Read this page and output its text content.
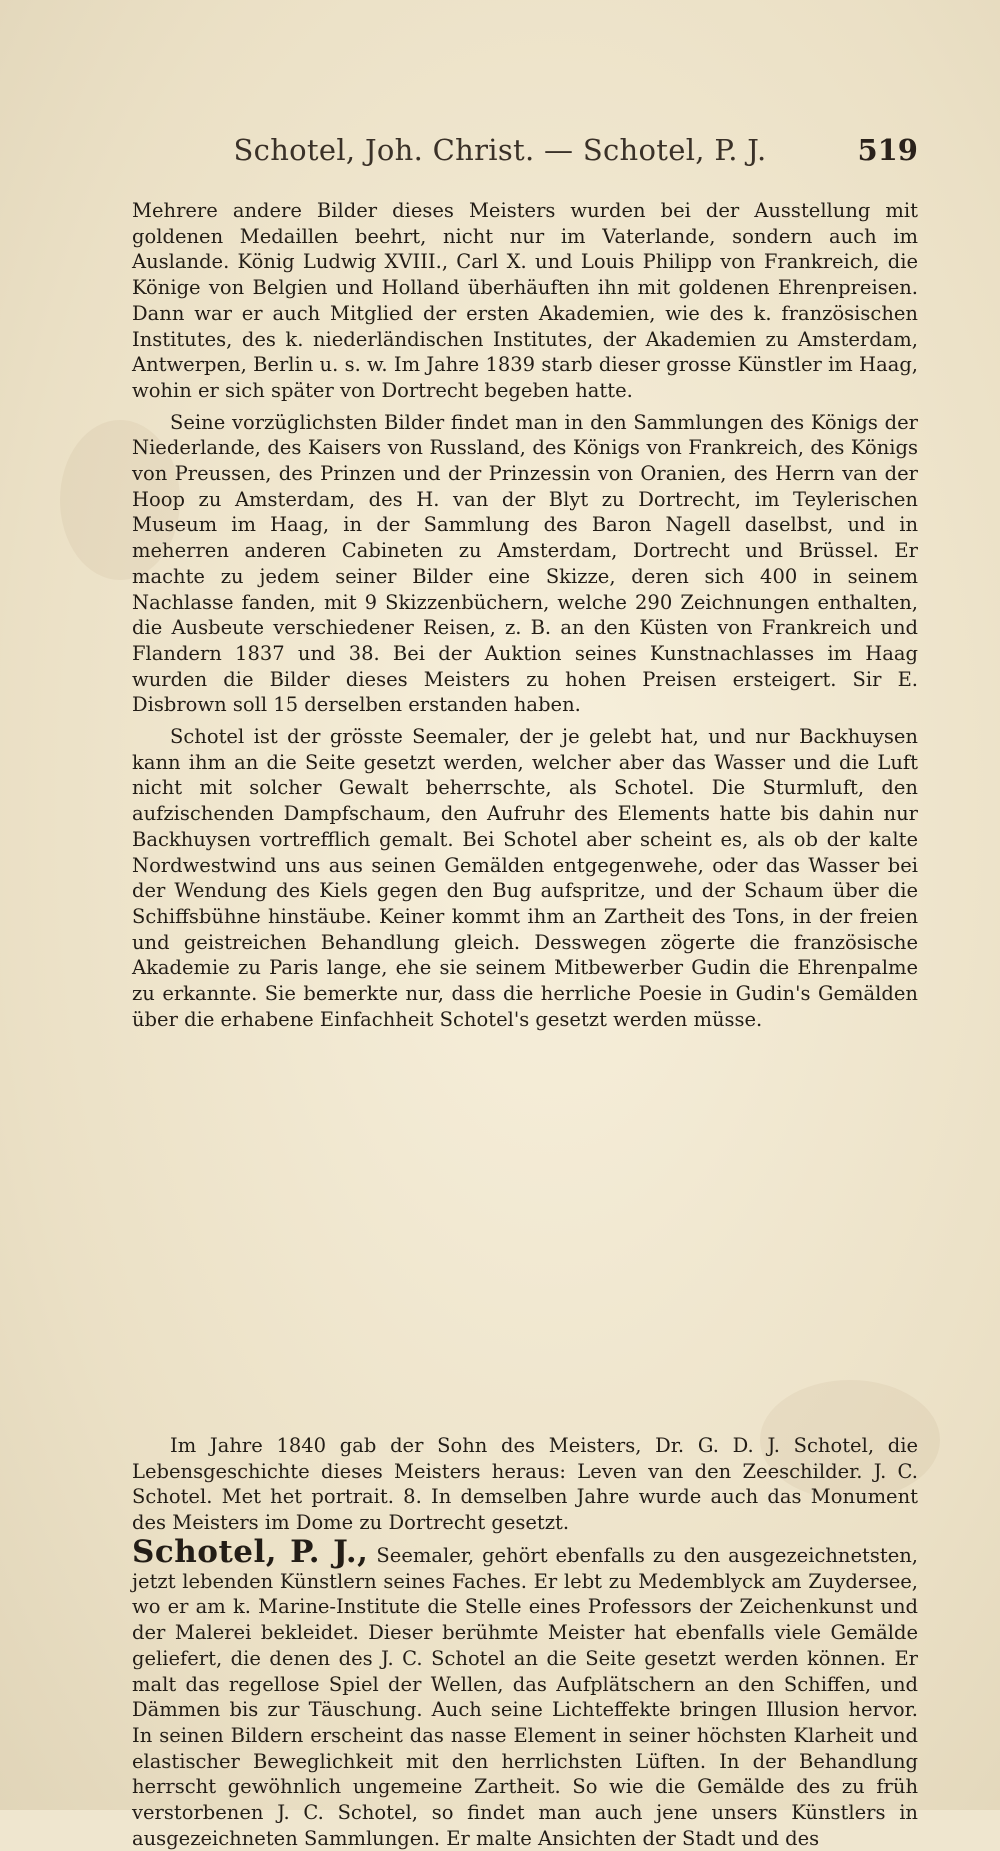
Schotel, Joh. Christ. — Schotel, P. J.	519

Mehrere andere Bilder dieses Meisters wurden bei der Ausstellung mit goldenen Medaillen beehrt, nicht nur im Vaterlande, sondern auch im Auslande. König Ludwig XVIII., Carl X. und Louis Philipp von Frankreich, die Könige von Belgien und Holland überhäuften ihn mit goldenen Ehrenpreisen. Dann war er auch Mitglied der ersten Akademien, wie des k. französischen Institutes, des k. niederländischen Institutes, der Akademien zu Amsterdam, Antwerpen, Berlin u. s. w. Im Jahre 1839 starb dieser grosse Künstler im Haag, wohin er sich später von Dortrecht begeben hatte.

Seine vorzüglichsten Bilder findet man in den Sammlungen des Königs der Niederlande, des Kaisers von Russland, des Königs von Frankreich, des Königs von Preussen, des Prinzen und der Prinzessin von Oranien, des Herrn van der Hoop zu Amsterdam, des H. van der Blyt zu Dortrecht, im Teylerischen Museum im Haag, in der Sammlung des Baron Nagell daselbst, und in meherren anderen Cabineten zu Amsterdam, Dortrecht und Brüssel. Er machte zu jedem seiner Bilder eine Skizze, deren sich 400 in seinem Nachlasse fanden, mit 9 Skizzenbüchern, welche 290 Zeichnungen enthalten, die Ausbeute verschiedener Reisen, z. B. an den Küsten von Frankreich und Flandern 1837 und 38. Bei der Auktion seines Kunstnachlasses im Haag wurden die Bilder dieses Meisters zu hohen Preisen ersteigert. Sir E. Disbrown soll 15 derselben erstanden haben.

Schotel ist der grösste Seemaler, der je gelebt hat, und nur Backhuysen kann ihm an die Seite gesetzt werden, welcher aber das Wasser und die Luft nicht mit solcher Gewalt beherrschte, als Schotel. Die Sturmluft, den aufzischenden Dampfschaum, den Aufruhr des Elements hatte bis dahin nur Backhuysen vortrefflich gemalt. Bei Schotel aber scheint es, als ob der kalte Nordwestwind uns aus seinen Gemälden entgegenwehe, oder das Wasser bei der Wendung des Kiels gegen den Bug aufspritze, und der Schaum über die Schiffsbühne hinstäube. Keiner kommt ihm an Zartheit des Tons, in der freien und geistreichen Behandlung gleich. Desswegen zögerte die französische Akademie zu Paris lange, ehe sie seinem Mitbewerber Gudin die Ehrenpalme zu erkannte. Sie bemerkte nur, dass die herrliche Poesie in Gudin's Gemälden über die erhabene Einfachheit Schotel's gesetzt werden müsse.

Im Jahre 1840 gab der Sohn des Meisters, Dr. G. D. J. Schotel, die Lebensgeschichte dieses Meisters heraus: Leven van den Zeeschilder. J. C. Schotel. Met het portrait. 8. In demselben Jahre wurde auch das Monument des Meisters im Dome zu Dortrecht gesetzt.

Schotel, P. J., Seemaler, gehört ebenfalls zu den ausgezeichnetsten, jetzt lebenden Künstlern seines Faches. Er lebt zu Medemblyck am Zuydersee, wo er am k. Marine-Institute die Stelle eines Professors der Zeichenkunst und der Malerei bekleidet. Dieser berühmte Meister hat ebenfalls viele Gemälde geliefert, die denen des J. C. Schotel an die Seite gesetzt werden können. Er malt das regellose Spiel der Wellen, das Aufplätschern an den Schiffen, und Dämmen bis zur Täuschung. Auch seine Lichteffekte bringen Illusion hervor. In seinen Bildern erscheint das nasse Element in seiner höchsten Klarheit und elastischer Beweglichkeit mit den herrlichsten Lüften. In der Behandlung herrscht gewöhnlich ungemeine Zartheit. So wie die Gemälde des zu früh verstorbenen J. C. Schotel, so findet man auch jene unsers Künstlers in ausgezeichneten Sammlungen. Er malte Ansichten der Stadt und des
